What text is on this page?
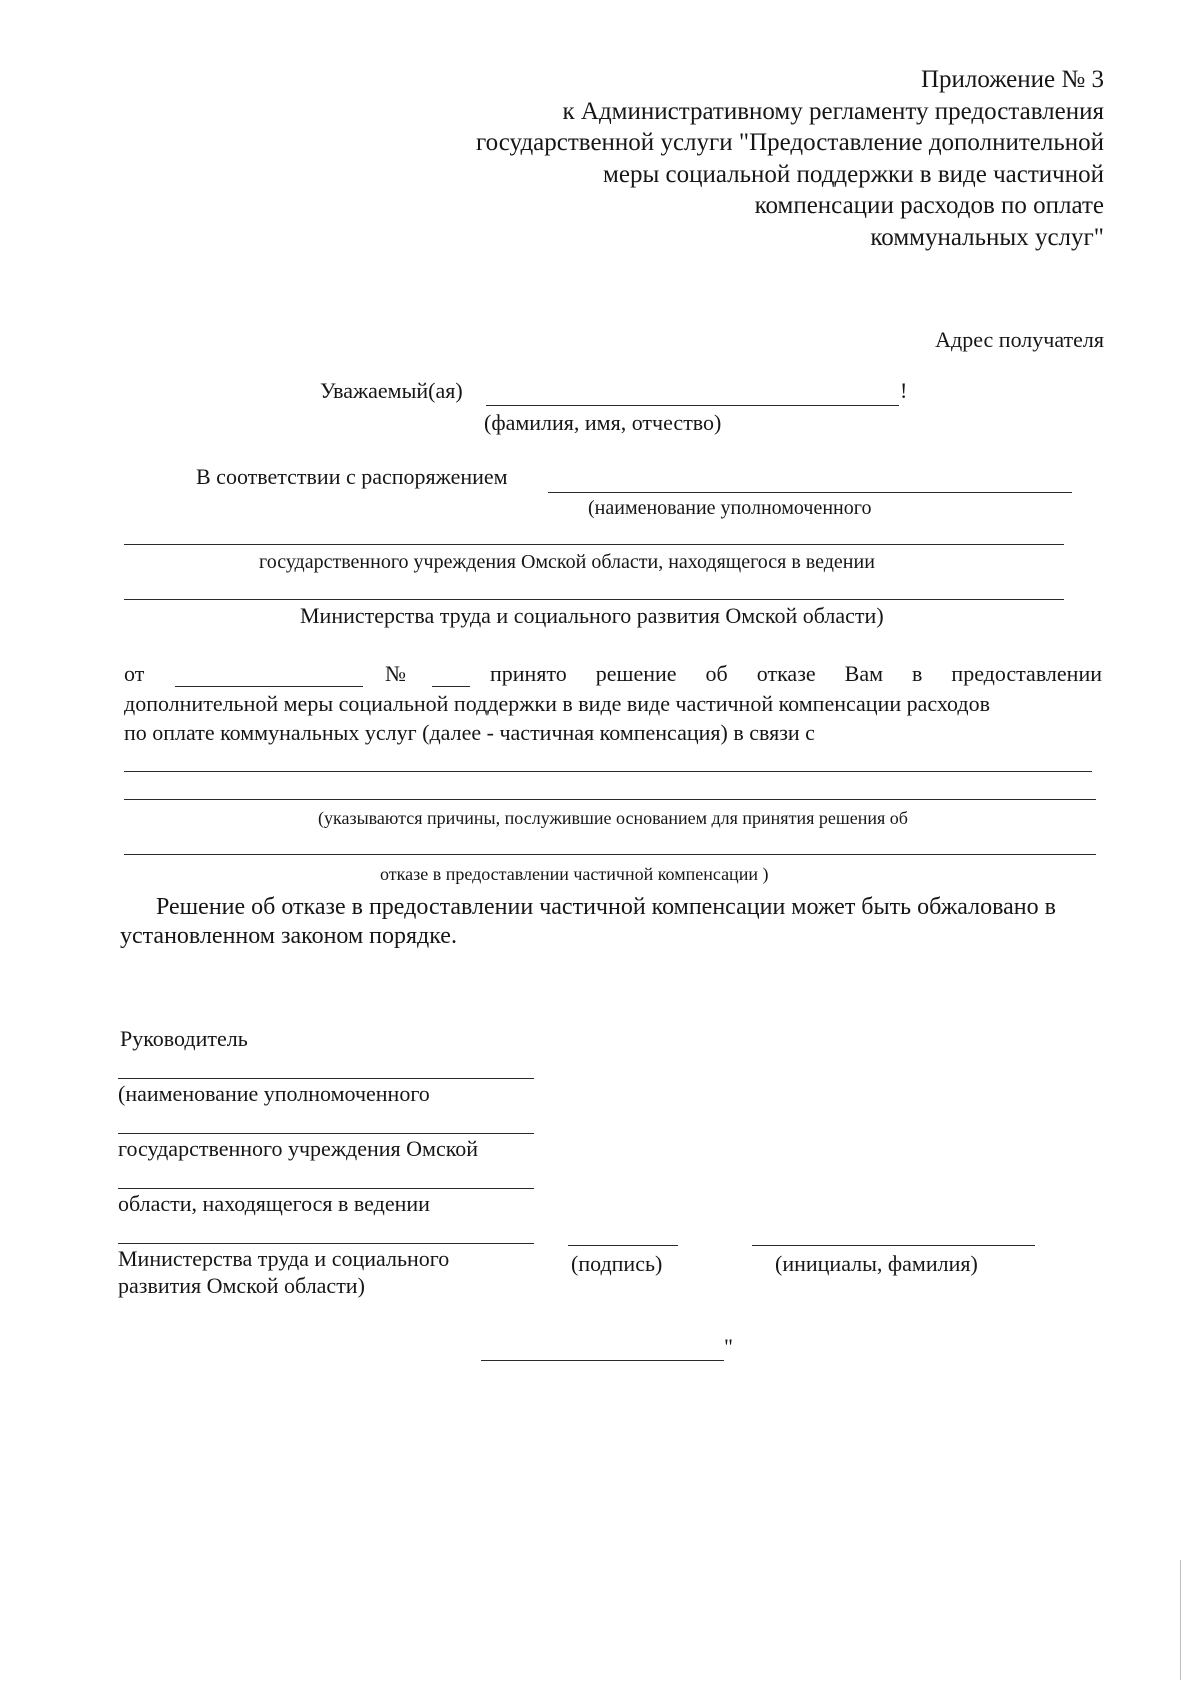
Приложение № 3
к Административному регламенту предоставления
государственной услуги "Предоставление дополнительной
меры социальной поддержки в виде частичной
компенсации расходов по оплате
коммунальных услуг"
Адрес получателя
Уважаемый(ая)	!
(фамилия, имя, отчество)
В соответствии с распоряжением
(наименование уполномоченного
государственного учреждения Омской области, находящегося в ведении
Министерства труда и социального развития Омской области)
от	№	принято решение об отказе Вам в предоставлении
дополнительной меры социальной поддержки в виде виде частичной компенсации расходов
по оплате коммунальных услуг (далее - частичная компенсация) в связи с
(указываются причины, послужившие основанием для принятия решения об
отказе в предоставлении частичной компенсации )
Решение об отказе в предоставлении частичной компенсации может быть обжаловано в
установленном законом порядке.
Руководитель
(наименование уполномоченного
государственного учреждения Омской
области, находящегося в ведении
Министерства труда и социального
развития Омской области)
(подпись)	(инициалы, фамилия)
"
